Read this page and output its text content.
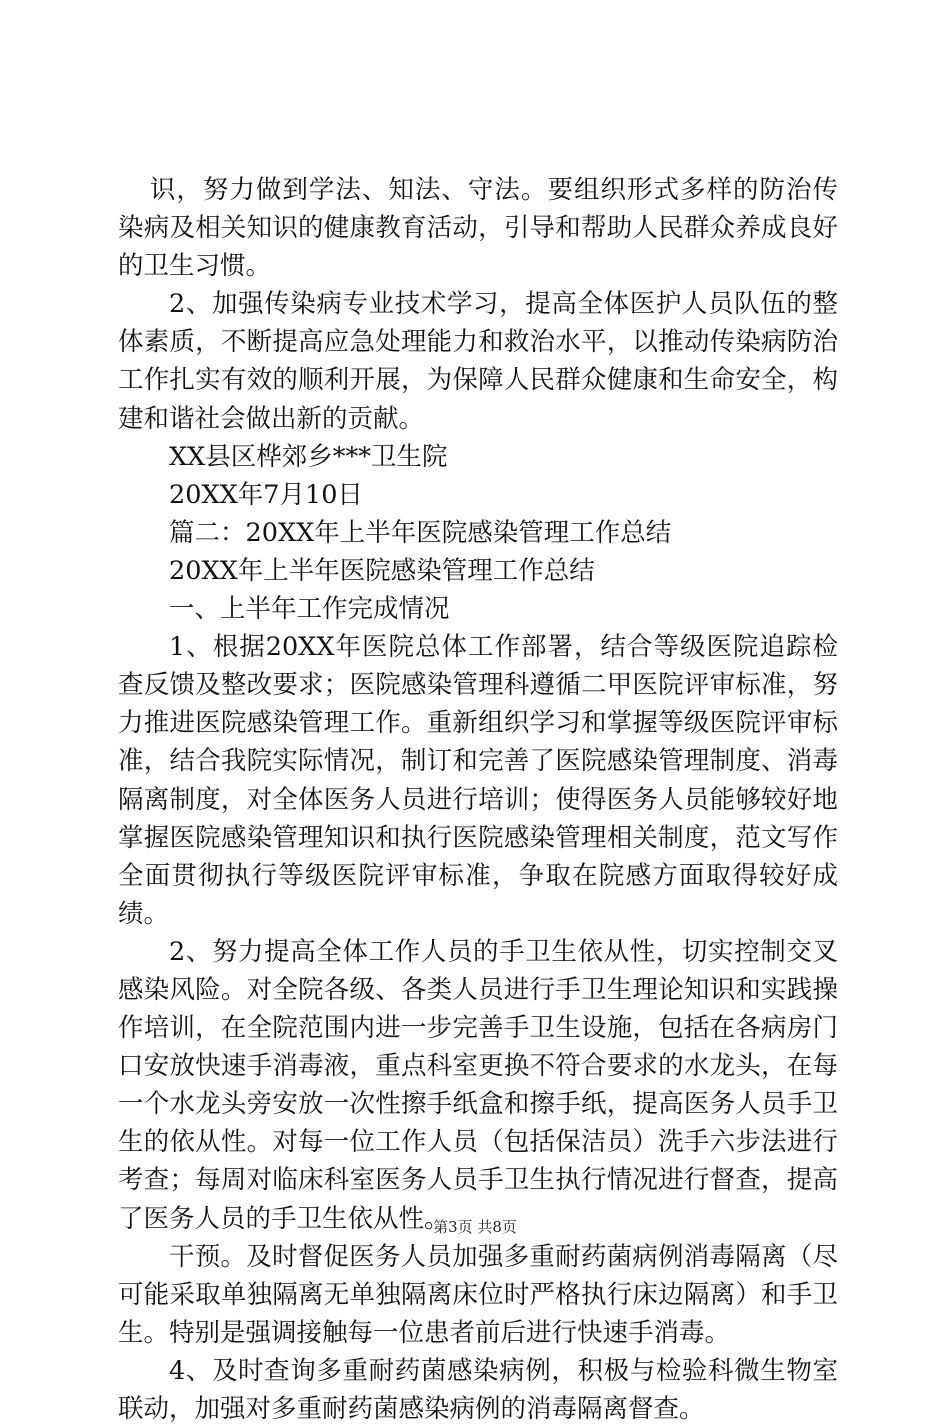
识，努力做到学法、知法、守法。要组织形式多样的防治传染病及相关知识的健康教育活动，引导和帮助人民群众养成良好的卫生习惯。

2、加强传染病专业技术学习，提高全体医护人员队伍的整体素质，不断提高应急处理能力和救治水平，以推动传染病防治工作扎实有效的顺利开展，为保障人民群众健康和生命安全，构建和谐社会做出新的贡献。

XX县区桦郊乡***卫生院

20XX年7月10日

篇二：20XX年上半年医院感染管理工作总结

20XX年上半年医院感染管理工作总结

一、上半年工作完成情况

1、根据20XX年医院总体工作部署，结合等级医院追踪检查反馈及整改要求；医院感染管理科遵循二甲医院评审标准，努力推进医院感染管理工作。重新组织学习和掌握等级医院评审标准，结合我院实际情况，制订和完善了医院感染管理制度、消毒隔离制度，对全体医务人员进行培训；使得医务人员能够较好地掌握医院感染管理知识和执行医院感染管理相关制度，范文写作全面贯彻执行等级医院评审标准，争取在院感方面取得较好成绩。

2、努力提高全体工作人员的手卫生依从性，切实控制交叉感染风险。对全院各级、各类人员进行手卫生理论知识和实践操作培训，在全院范围内进一步完善手卫生设施，包括在各病房门口安放快速手消毒液，重点科室更换不符合要求的水龙头，在每一个水龙头旁安放一次性擦手纸盒和擦手纸，提高医务人员手卫生的依从性。对每一位工作人员（包括保洁员）洗手六步法进行考查；每周对临床科室医务人员手卫生执行情况进行督查，提高了医务人员的手卫生依从性。

干预。及时督促医务人员加强多重耐药菌病例消毒隔离（尽可能采取单独隔离无单独隔离床位时严格执行床边隔离）和手卫生。特别是强调接触每一位患者前后进行快速手消毒。

4、及时查询多重耐药菌感染病例，积极与检验科微生物室联动，加强对多重耐药菌感染病例的消毒隔离督查。

第3页 共8页
